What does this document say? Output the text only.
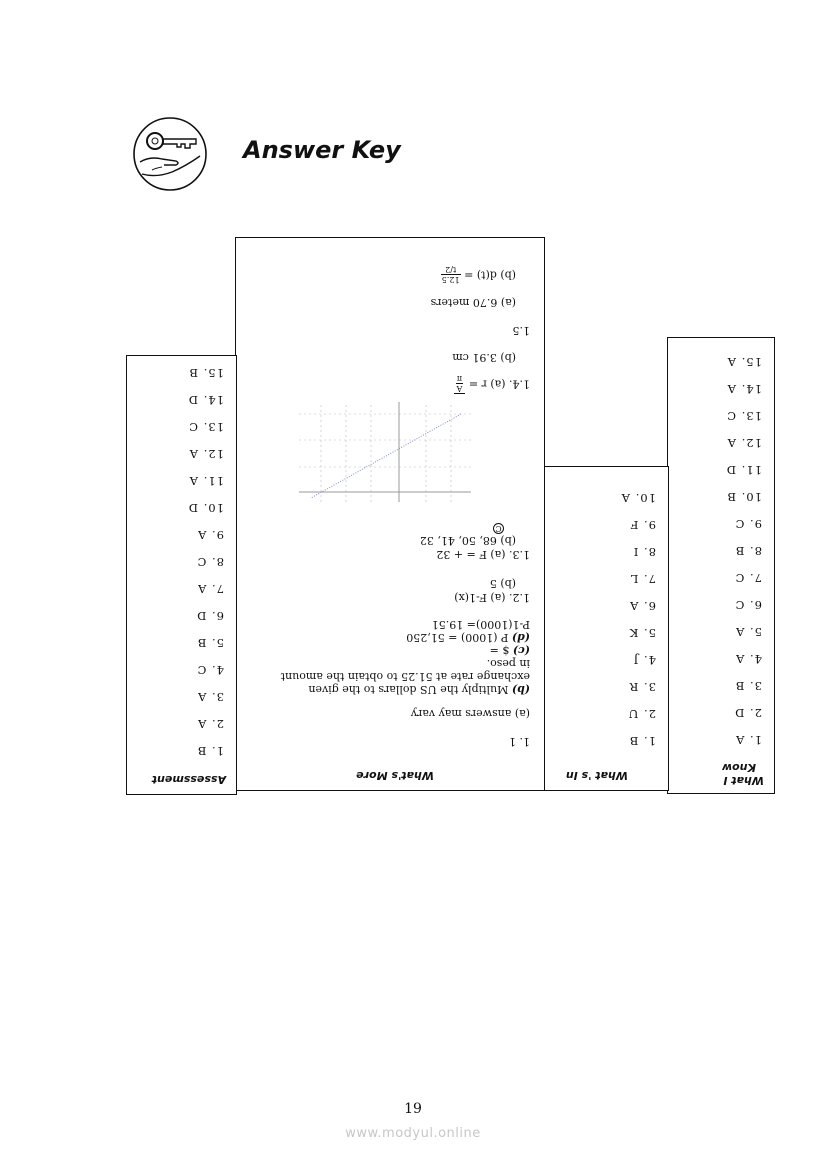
Answer Key
What I
Know
1. A
2. D
3. B
4. A
5. A
6. C
7. C
8. B
9. C
10. B
11. D
12. A
13. C
14. A
15. A
What 's In
1. B
2. U
3. R
4. J
5. K
6. A
7. L
8. I
9. F
10. A
What's More
1. 1
(a) answers may vary
(b) Multiply the US dollars to the given
exchange rate at 51.25 to obtain the amount
in peso.
(c) $ =
(d) P (1000) = 51,250
P-1(1000)= 19.51
1.2. (a) F-1(x)
(b) 5
1.3. (a) F = + 32
(b) 68, 50, 41, 32
C
1.4. (a) r =
A
π
(b) 3.91 cm
1.5
(a) 6.70 meters
(b) d(t) =
12.5
t/2
Assessment
1. B
2. A
3. A
4. C
5. B
6. D
7. A
8. C
9. A
10. D
11. A
12. A
13. C
14. D
15. B
19
www.modyul.online
